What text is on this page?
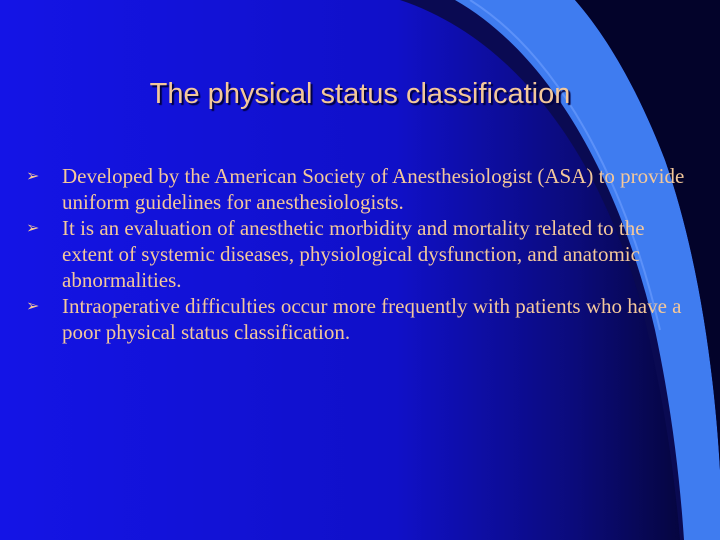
The physical status classification
➢	Developed by the American Society of Anesthesiologist (ASA) to provide uniform guidelines for anesthesiologists.
➢	It is an evaluation of anesthetic morbidity and mortality related to the extent of systemic diseases, physiological dysfunction, and anatomic abnormalities.
➢	Intraoperative difficulties occur more frequently with patients who have a poor physical status classification.
